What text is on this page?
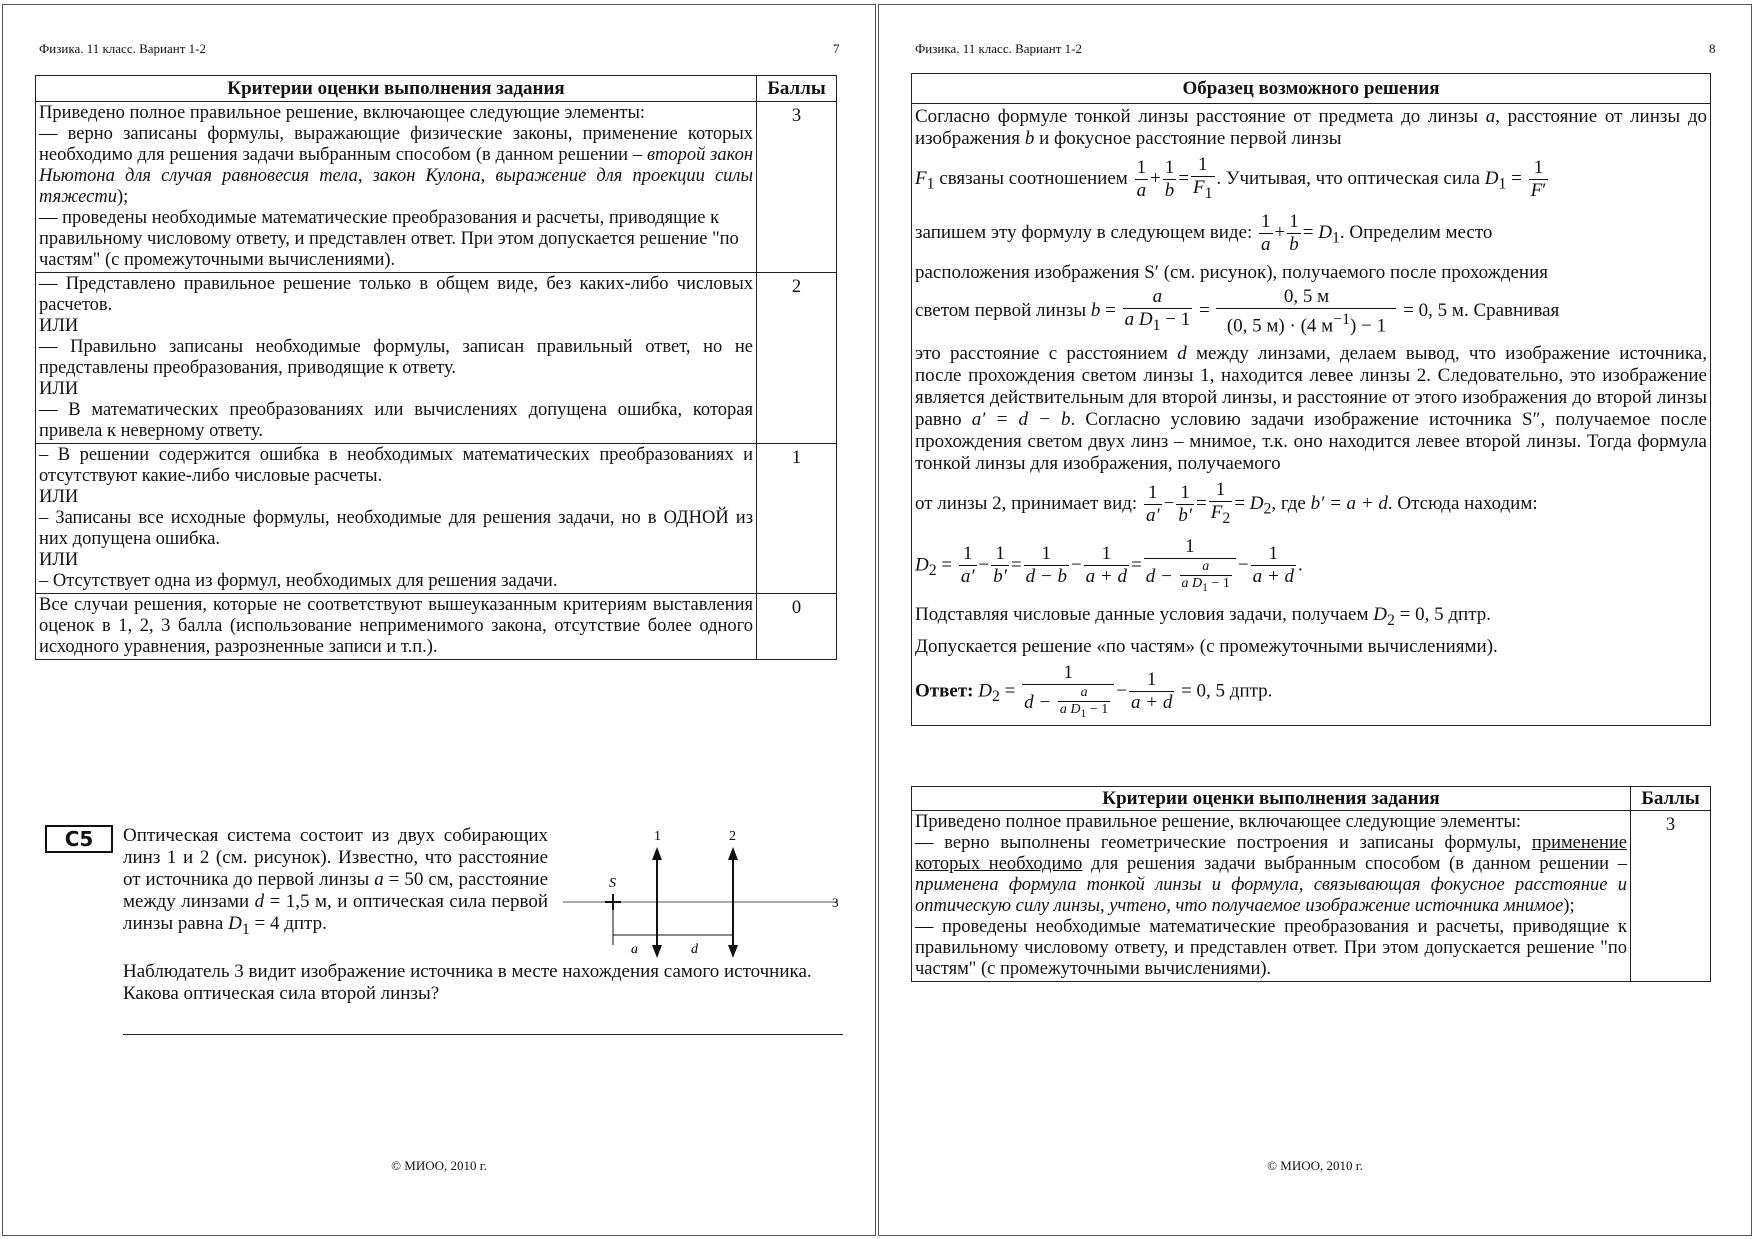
Физика. 11 класс. Вариант 1-2	7
Критерии оценки выполнения задания	Баллы

Приведено полное правильное решение, включающее следующие элементы:
— верно записаны формулы, выражающие физические законы, применение которых необходимо для решения задачи выбранным способом (в данном решении – второй закон Ньютона для случая равновесия тела, закон Кулона, выражение для проекции силы тяжести);
— проведены необходимые математические преобразования и расчеты, приводящие к правильному числовому ответу, и представлен ответ. При этом допускается решение "по частям" (с промежуточными вычислениями).	3

— Представлено правильное решение только в общем виде, без каких-либо числовых расчетов.
ИЛИ
— Правильно записаны необходимые формулы, записан правильный ответ, но не представлены преобразования, приводящие к ответу.
ИЛИ
— В математических преобразованиях или вычислениях допущена ошибка, которая привела к неверному ответу.	2

– В решении содержится ошибка в необходимых математических преобразованиях и отсутствуют какие-либо числовые расчеты.
ИЛИ
– Записаны все исходные формулы, необходимые для решения задачи, но в ОДНОЙ из них допущена ошибка.
ИЛИ
– Отсутствует одна из формул, необходимых для решения задачи.	1

Все случаи решения, которые не соответствуют вышеуказанным критериям выставления оценок в 1, 2, 3 балла (использование неприменимого закона, отсутствие более одного исходного уравнения, разрозненные записи и т.п.).	0
С5	Оптическая система состоит из двух собирающих линз 1 и 2 (см. рисунок). Известно, что расстояние от источника до первой линзы a = 50 см, расстояние между линзами d = 1,5 м, и оптическая сила первой линзы равна $D_1 = 4$ дптр.
Наблюдатель 3 видит изображение источника в месте нахождения самого источника. Какова оптическая сила второй линзы?
1	2
3
S
a	d
© МИОО, 2010 г.
Физика. 11 класс. Вариант 1-2	8
Образец возможного решения
Согласно формуле тонкой линзы расстояние от предмета до линзы a, расстояние от линзы до изображения b и фокусное расстояние первой линзы
$F_1$ связаны соотношением $\frac{1}{a} + \frac{1}{b} = \frac{1}{F_1}$ . Учитывая, что оптическая сила $D_1 = \frac{1}{F'}$
запишем эту формулу в следующем виде: $\frac{1}{a} + \frac{1}{b} = D_1$. Определим место
расположения изображения S′ (см. рисунок), получаемого после прохождения
светом первой линзы $b = \frac{a}{a D_1 - 1} = \frac{0, 5 м}{(0, 5 м) \cdot (4 м^{-1}) - 1} = 0$, 5 м. Сравнивая
это расстояние с расстоянием d между линзами, делаем вывод, что изображение источника, после прохождения светом линзы 1, находится левее линзы 2. Следовательно, это изображение является действительным для второй линзы, и расстояние от этого изображения до второй линзы равно a′ = d − b. Согласно условию задачи изображение источника S″, получаемое после прохождения светом двух линз – мнимое, т.к. оно находится левее второй линзы. Тогда формула тонкой линзы для изображения, получаемого
от линзы 2, принимает вид: $\frac{1}{a'} - \frac{1}{b'} = \frac{1}{F_2} = D_2$, где b′ = a + d. Отсюда находим:
$D_2 = \frac{1}{a'} - \frac{1}{b'} = \frac{1}{d - b} - \frac{1}{a + d} = \frac{1}{d - \frac{a}{a D_1 - 1}} - \frac{1}{a + d}$ .
Подставляя числовые данные условия задачи, получаем $D_2 = 0$, 5 дптр.
Допускается решение «по частям» (с промежуточными вычислениями).
Ответ: $D_2 = \frac{1}{d - \frac{a}{a D_1 - 1}} - \frac{1}{a + d} = 0$, 5 дптр.
Критерии оценки выполнения задания	Баллы

Приведено полное правильное решение, включающее следующие элементы:
— верно выполнены геометрические построения и записаны формулы, применение которых необходимо для решения задачи выбранным способом (в данном решении – применена формула тонкой линзы и формула, связывающая фокусное расстояние и оптическую силу линзы, учтено, что получаемое изображение источника мнимое);
— проведены необходимые математические преобразования и расчеты, приводящие к правильному числовому ответу, и представлен ответ. При этом допускается решение "по частям" (с промежуточными вычислениями).	3
© МИОО, 2010 г.
